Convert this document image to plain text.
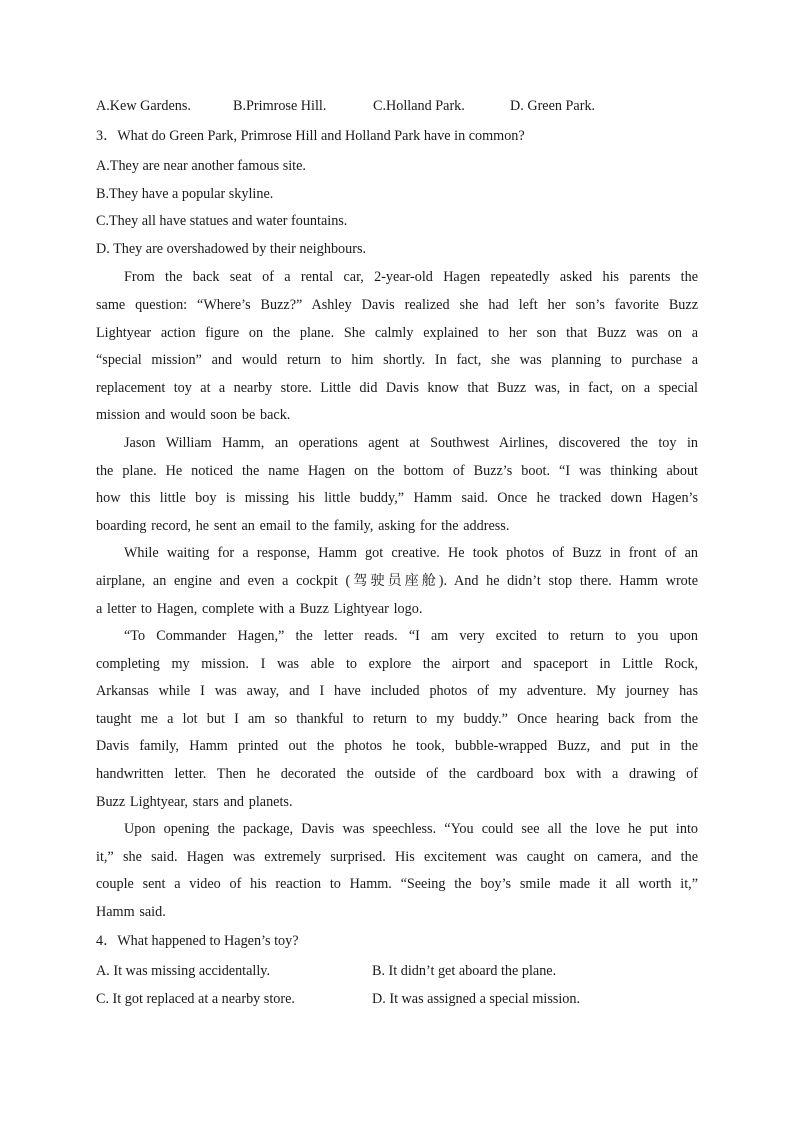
A.Kew Gardens.	B.Primrose Hill.	C.Holland Park.	D. Green Park.
3．What do Green Park, Primrose Hill and Holland Park have in common?
A.They are near another famous site.
B.They have a popular skyline.
C.They all have statues and water fountains.
D. They are overshadowed by their neighbours.
From the back seat of a rental car, 2-year-old Hagen repeatedly asked his parents the
same question: “Where’s Buzz?” Ashley Davis realized she had left her son’s favorite Buzz
Lightyear action figure on the plane. She calmly explained to her son that Buzz was on a
“special mission” and would return to him shortly. In fact, she was planning to purchase a
replacement toy at a nearby store. Little did Davis know that Buzz was, in fact, on a special
mission and would soon be back.
Jason William Hamm, an operations agent at Southwest Airlines, discovered the toy in
the plane. He noticed the name Hagen on the bottom of Buzz’s boot. “I was thinking about
how this little boy is missing his little buddy,” Hamm said. Once he tracked down Hagen’s
boarding record, he sent an email to the family, asking for the address.
While waiting for a response, Hamm got creative. He took photos of Buzz in front of an
airplane, an engine and even a cockpit (驾驶员座舱). And he didn’t stop there. Hamm wrote
a letter to Hagen, complete with a Buzz Lightyear logo.
“To Commander Hagen,” the letter reads. “I am very excited to return to you upon
completing my mission. I was able to explore the airport and spaceport in Little Rock,
Arkansas while I was away, and I have included photos of my adventure. My journey has
taught me a lot but I am so thankful to return to my buddy.” Once hearing back from the
Davis family, Hamm printed out the photos he took, bubble-wrapped Buzz, and put in the
handwritten letter. Then he decorated the outside of the cardboard box with a drawing of
Buzz Lightyear, stars and planets.
Upon opening the package, Davis was speechless. “You could see all the love he put into
it,” she said. Hagen was extremely surprised. His excitement was caught on camera, and the
couple sent a video of his reaction to Hamm. “Seeing the boy’s smile made it all worth it,”
Hamm said.
4．What happened to Hagen’s toy?
A. It was missing accidentally.	B. It didn’t get aboard the plane.
C. It got replaced at a nearby store.	D. It was assigned a special mission.
